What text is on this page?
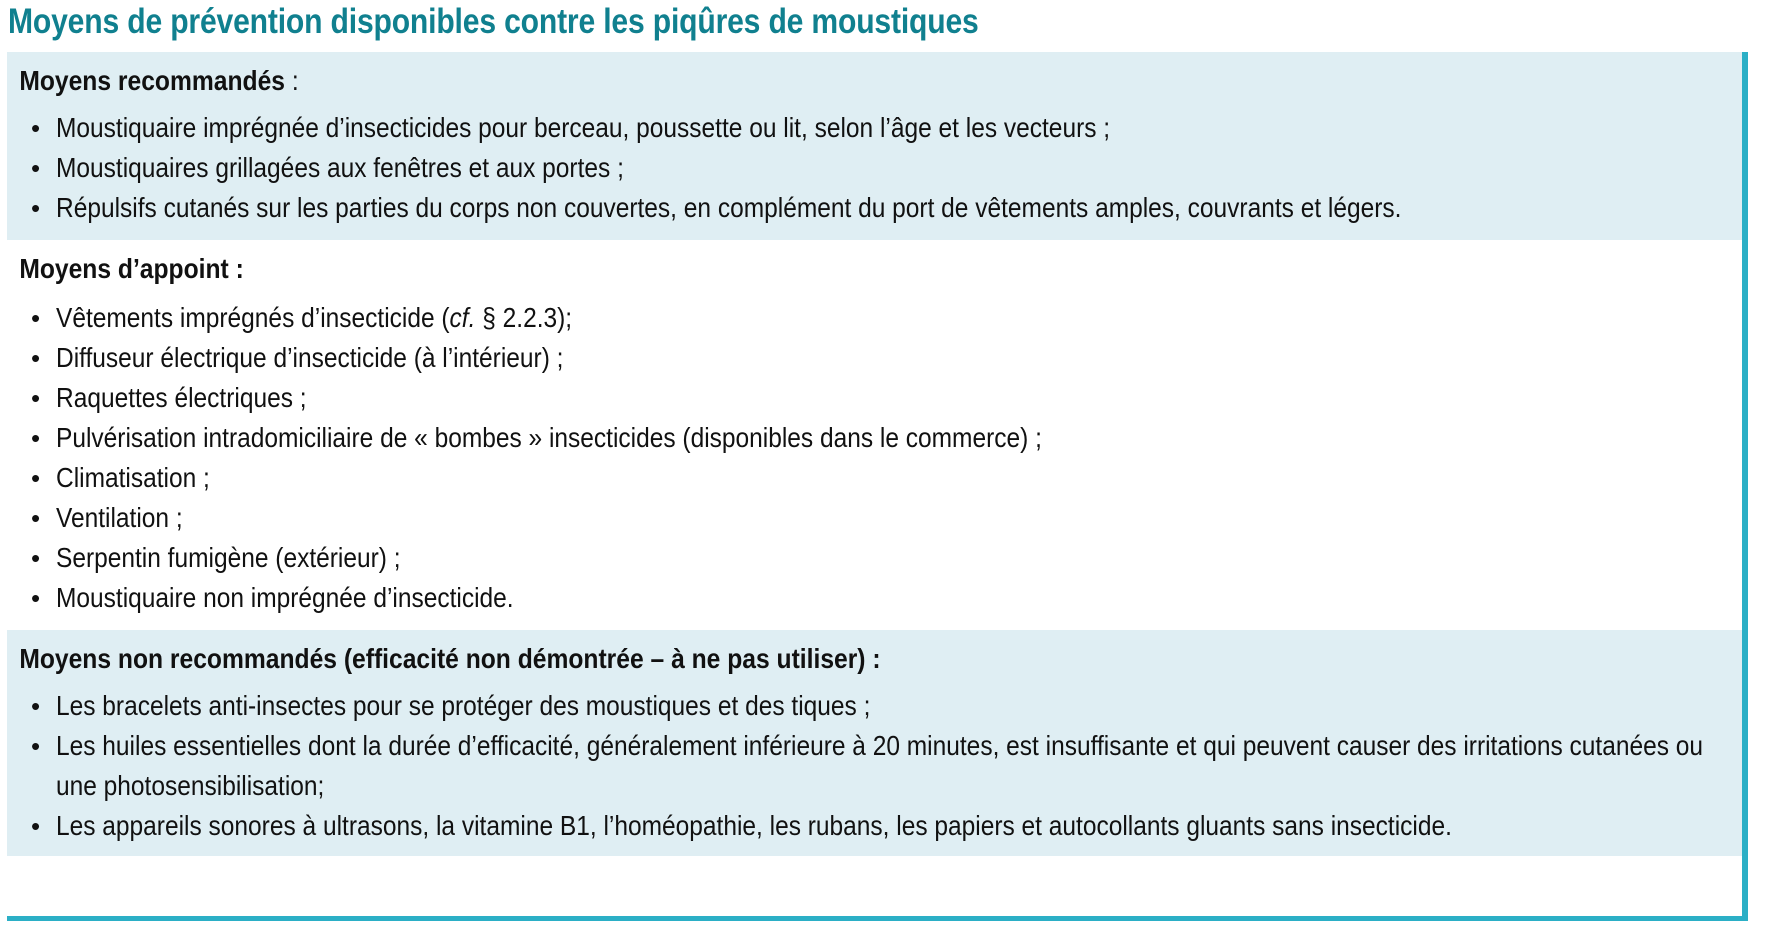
Moyens de prévention disponibles contre les piqûres de moustiques
Moyens recommandés :
• Moustiquaire imprégnée d’insecticides pour berceau, poussette ou lit, selon l’âge et les vecteurs ;
• Moustiquaires grillagées aux fenêtres et aux portes ;
• Répulsifs cutanés sur les parties du corps non couvertes, en complément du port de vêtements amples, couvrants et légers.
Moyens d’appoint :
• Vêtements imprégnés d’insecticide (cf. § 2.2.3);
• Diffuseur électrique d’insecticide (à l’intérieur) ;
• Raquettes électriques ;
• Pulvérisation intradomiciliaire de « bombes » insecticides (disponibles dans le commerce) ;
• Climatisation ;
• Ventilation ;
• Serpentin fumigène (extérieur) ;
• Moustiquaire non imprégnée d’insecticide.
Moyens non recommandés (efficacité non démontrée – à ne pas utiliser) :
• Les bracelets anti-insectes pour se protéger des moustiques et des tiques ;
• Les huiles essentielles dont la durée d’efficacité, généralement inférieure à 20 minutes, est insuffisante et qui peuvent causer des irritations cutanées ou une photosensibilisation;
• Les appareils sonores à ultrasons, la vitamine B1, l’homéopathie, les rubans, les papiers et autocollants gluants sans insecticide.
